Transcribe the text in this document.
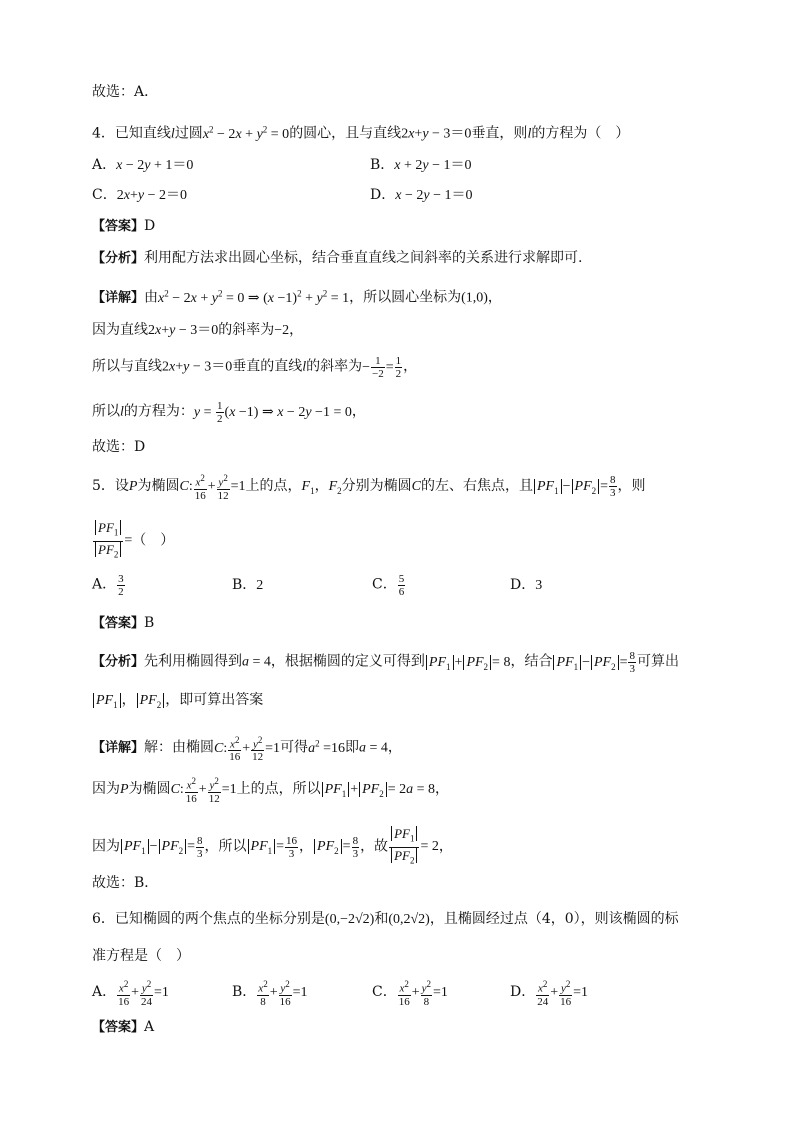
故选：A．
4．已知直线l过圆$x^2 - 2x + y^2 = 0$的圆心，且与直线2x+y − 3＝0垂直，则l的方程为（　）
A．x − 2y + 1＝0	B．x + 2y − 1＝0
C．2x+y − 2＝0	D．x − 2y − 1＝0
【答案】D
【分析】利用配方法求出圆心坐标，结合垂直直线之间斜率的关系进行求解即可.
【详解】由$x^2 - 2x + y^2 = 0$ ⇒ $(x -1)^2 + y^2 = 1$，所以圆心坐标为(1,0)，
因为直线2x+y − 3＝0的斜率为−2，
所以与直线2x+y − 3＝0垂直的直线l的斜率为− $\frac{1}{-2} = \frac{1}{2}$ ，
所以l的方程为：$y = \frac{1}{2} (x -1)$ ⇒ x − 2y −1 = 0，
故选：D
5．设P为椭圆C: $\frac{x^2}{16} + \frac{y^2}{12} =1$上的点，$F_1$，$F_2$分别为椭圆C的左、右焦点，且 $PF_1 - PF_2 = \frac{8}{3}$ ，则
$\frac{PF_1}{PF_2}$ =（　）
A． $\frac{3}{2}$	B．2	C． $\frac{5}{6}$	D．3
【答案】B
【分析】先利用椭圆得到a = 4，根据椭圆的定义可得到 $PF_1 + PF_2 = 8$，结合 $PF_1 - PF_2 = \frac{8}{3}$ 可算出
$PF_1$ ， $PF_2$ ，即可算出答案
【详解】解：由椭圆C: $\frac{x^2}{16} + \frac{y^2}{12} =1$可得$a^2 =16$即a = 4，
因为P为椭圆C: $\frac{x^2}{16} + \frac{y^2}{12} =1$上的点，所以 $PF_1 + PF_2 = 2a = 8$，
因为 $PF_1 - PF_2 = \frac{8}{3}$ ，所以 $PF_1 = \frac{16}{3}$ ， $PF_2 = \frac{8}{3}$ ，故 $\frac{PF_1}{PF_2} = 2$，
故选：B．
6．已知椭圆的两个焦点的坐标分别是(0,−2√2)和(0,2√2)，且椭圆经过点（4，0），则该椭圆的标
准方程是（　）
A． $\frac{x^2}{16} + \frac{y^2}{24} =1$	B． $\frac{x^2}{8} + \frac{y^2}{16} =1$	C． $\frac{x^2}{16} + \frac{y^2}{8} =1$	D． $\frac{x^2}{24} + \frac{y^2}{16} =1$
【答案】A
